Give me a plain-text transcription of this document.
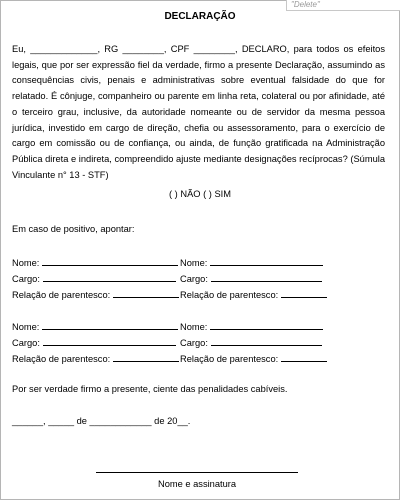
"Delete"
DECLARAÇÃO
Eu, _____________, RG ________, CPF ________, DECLARO, para todos os efeitos legais, que por ser expressão fiel da verdade, firmo a presente Declaração, assumindo as consequências civis, penais e administrativas sobre eventual falsidade do que for relatado. É cônjuge, companheiro ou parente em linha reta, colateral ou por afinidade, até o terceiro grau, inclusive, da autoridade nomeante ou de servidor da mesma pessoa jurídica, investido em cargo de direção, chefia ou assessoramento, para o exercício de cargo em comissão ou de confiança, ou ainda, de função gratificada na Administração Pública direta e indireta, compreendido ajuste mediante designações recíprocas? (Súmula Vinculante n° 13 - STF)
( ) NÃO ( ) SIM
Em caso de positivo, apontar:
Nome:	Nome:
Cargo:	Cargo:
Relação de parentesco:	Relação de parentesco:
Nome:	Nome:
Cargo:	Cargo:
Relação de parentesco:	Relação de parentesco:
Por ser verdade firmo a presente, ciente das penalidades cabíveis.
______, _____ de ____________ de 20__.
Nome e assinatura
